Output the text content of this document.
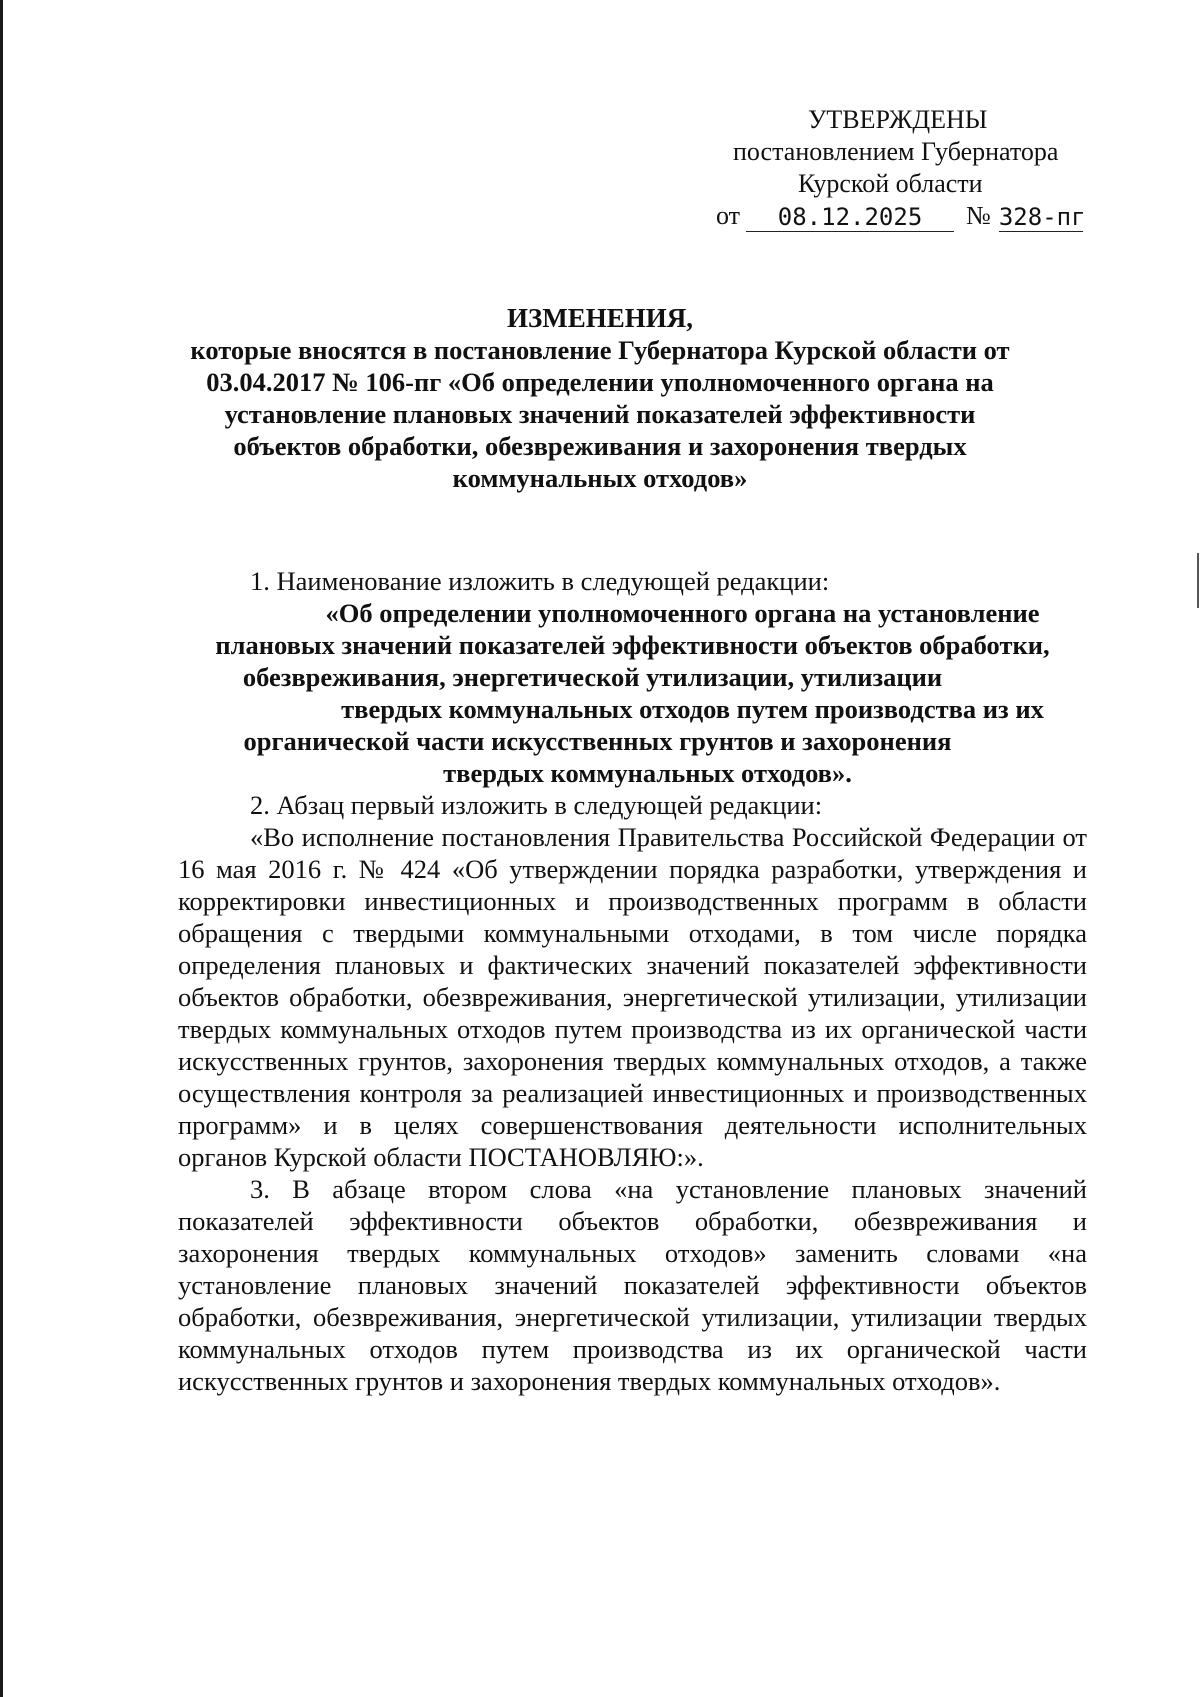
УТВЕРЖДЕНЫ
постановлением Губернатора
Курской области
от	08.12.2025	№ 328-пг
ИЗМЕНЕНИЯ,
которые вносятся в постановление Губернатора Курской области от
03.04.2017 № 106-пг «Об определении уполномоченного органа на
установление плановых значений показателей эффективности
объектов обработки, обезвреживания и захоронения твердых
коммунальных отходов»

1. Наименование изложить в следующей редакции:

«Об определении уполномоченного органа на установление
плановых значений показателей эффективности объектов обработки,
обезвреживания, энергетической утилизации, утилизации
твердых коммунальных отходов путем производства из их
органической части искусственных грунтов и захоронения
твердых коммунальных отходов».

2. Абзац первый изложить в следующей редакции:

«Во исполнение постановления Правительства Российской Федерации от 16 мая 2016 г. № 424 «Об утверждении порядка разработки, утверждения и корректировки инвестиционных и производственных программ в области обращения с твердыми коммунальными отходами, в том числе порядка определения плановых и фактических значений показателей эффективности объектов обработки, обезвреживания, энергетической утилизации, утилизации твердых коммунальных отходов путем производства из их органической части искусственных грунтов, захоронения твердых коммунальных отходов, а также осуществления контроля за реализацией инвестиционных и производственных программ» и в целях совершенствования деятельности исполнительных органов Курской области ПОСТАНОВЛЯЮ:».

3. В абзаце втором слова «на установление плановых значений показателей эффективности объектов обработки, обезвреживания и захоронения твердых коммунальных отходов» заменить словами «на установление плановых значений показателей эффективности объектов обработки, обезвреживания, энергетической утилизации, утилизации твердых коммунальных отходов путем производства из их органической части искусственных грунтов и захоронения твердых коммунальных отходов».
